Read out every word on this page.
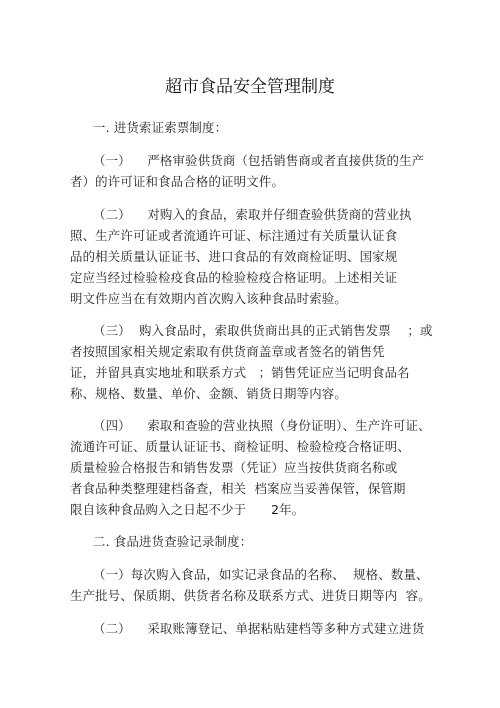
超市食品安全管理制度
一. 进货索证索票制度：
（一）    严格审验供货商（包括销售商或者直接供货的生产
者）的许可证和食品合格的证明文件。
（二）    对购入的食品，索取并仔细查验供货商的营业执
照、生产许可证或者流通许可证、标注通过有关质量认证食
品的相关质量认证证书、进口食品的有效商检证明、国家规
定应当经过检验检疫食品的检验检疫合格证明。上述相关证
明文件应当在有效期内首次购入该种食品时索验。
（三）  购入食品时，索取供货商出具的正式销售发票    ；或
者按照国家相关规定索取有供货商盖章或者签名的销售凭
证，并留具真实地址和联系方式   ；销售凭证应当记明食品名
称、规格、数量、单价、金额、销货日期等内容。
（四）    索取和查验的营业执照（身份证明）、生产许可证、
流通许可证、质量认证证书、商检证明、检验检疫合格证明、
质量检验合格报告和销售发票（凭证）应当按供货商名称或
者食品种类整理建档备查，相关  档案应当妥善保管，保管期
限自该种食品购入之日起不少于      2年。
二. 食品进货查验记录制度：
（一）每次购入食品，如实记录食品的名称、  规格、数量、
生产批号、保质期、供货者名称及联系方式、进货日期等内  容。
（二）    采取账簿登记、单据粘贴建档等多种方式建立进货
